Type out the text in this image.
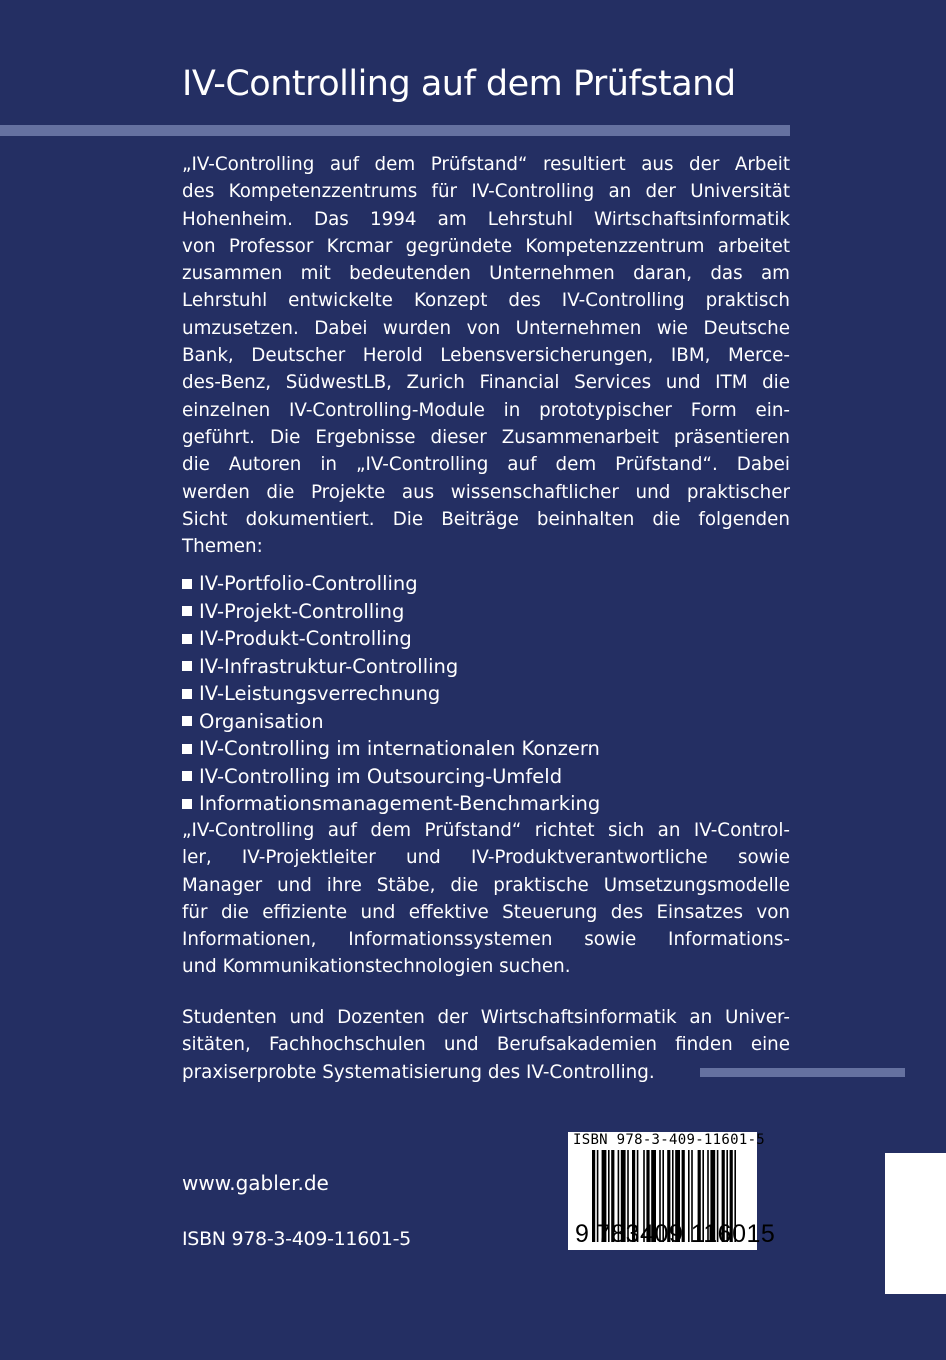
IV-Controlling auf dem Prüfstand
„IV-Controlling auf dem Prüfstand“ resultiert aus der Arbeit
des Kompetenzzentrums für IV-Controlling an der Universität
Hohenheim. Das 1994 am Lehrstuhl Wirtschaftsinformatik
von Professor Krcmar gegründete Kompetenzzentrum arbeitet
zusammen mit bedeutenden Unternehmen daran, das am
Lehrstuhl entwickelte Konzept des IV-Controlling praktisch
umzusetzen. Dabei wurden von Unternehmen wie Deutsche
Bank, Deutscher Herold Lebensversicherungen, IBM, Merce-
des-Benz, SüdwestLB, Zurich Financial Services und ITM die
einzelnen IV-Controlling-Module in prototypischer Form ein-
geführt. Die Ergebnisse dieser Zusammenarbeit präsentieren
die Autoren in „IV-Controlling auf dem Prüfstand“. Dabei
werden die Projekte aus wissenschaftlicher und praktischer
Sicht dokumentiert. Die Beiträge beinhalten die folgenden
Themen:
IV-Portfolio-Controlling
IV-Projekt-Controlling
IV-Produkt-Controlling
IV-Infrastruktur-Controlling
IV-Leistungsverrechnung
Organisation
IV-Controlling im internationalen Konzern
IV-Controlling im Outsourcing-Umfeld
Informationsmanagement-Benchmarking
„IV-Controlling auf dem Prüfstand“ richtet sich an IV-Control-
ler, IV-Projektleiter und IV-Produktverantwortliche sowie
Manager und ihre Stäbe, die praktische Umsetzungsmodelle
für die effiziente und effektive Steuerung des Einsatzes von
Informationen, Informationssystemen sowie Informations-
und Kommunikationstechnologien suchen.
Studenten und Dozenten der Wirtschaftsinformatik an Univer-
sitäten, Fachhochschulen und Berufsakademien finden eine
praxiserprobte Systematisierung des IV-Controlling.
www.gabler.de
ISBN 978-3-409-11601-5
ISBN 978-3-409-11601-5
9 783409 116015
